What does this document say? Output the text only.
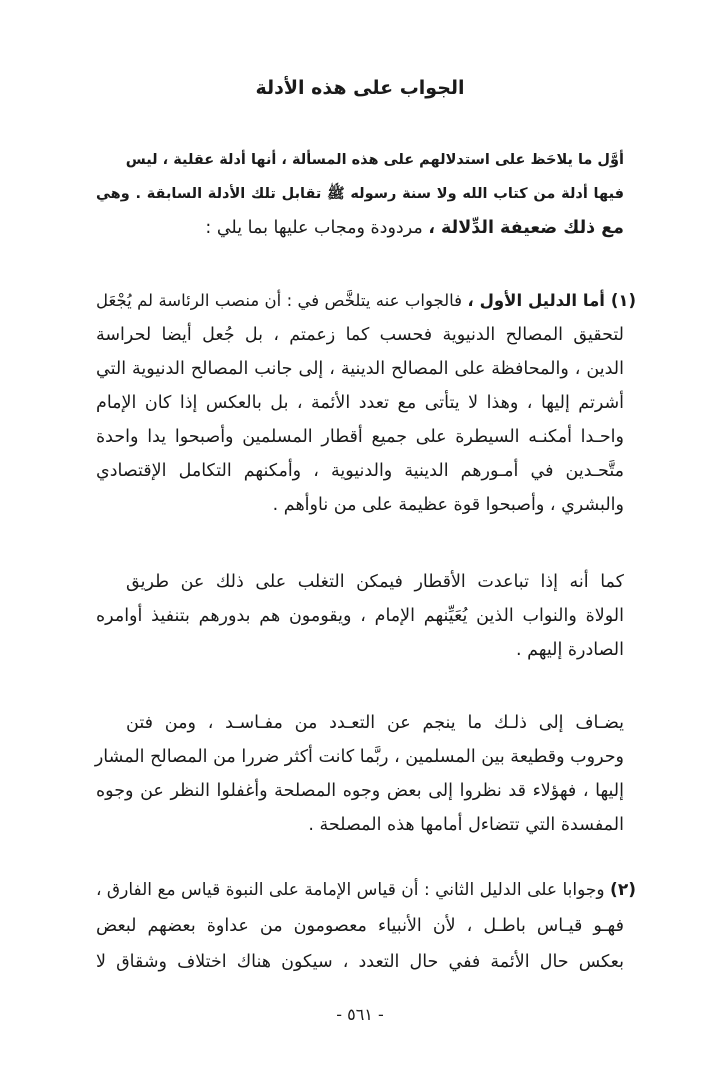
الجواب على هذه الأدلة

أوَّل ما يلاحَظ على استدلالهم على هذه المسألة ، أنها أدلة عقلية ، ليس

فيها أدلة من كتاب الله ولا سنة رسوله ﷺ تقابل تلك الأدلة السابقة . وهي

مع ذلك ضعيفة الدِّلالة ، مردودة ومجاب عليها بما يلي :

(١) أما الدليل الأول ، فالجواب عنه يتلخَّص في : أن منصب الرئاسة لم يُجْعَل

لتحقيق المصالح الدنيوية فحسب كما زعمتم ، بل جُعل أيضا لحراسة

الدين ، والمحافظة على المصالح الدينية ، إلى جانب المصالح الدنيوية التي

أشرتم إليها ، وهذا لا يتأتى مع تعدد الأئمة ، بل بالعكس إذا كان الإمام

واحـدا أمكنـه السيطرة على جميع أقطار المسلمين وأصبحوا يدا واحدة

متَّحـدين في أمـورهم الدينية والدنيوية ، وأمكنهم التكامل الإقتصادي

والبشري ، وأصبحوا قوة عظيمة على من ناوأهم .

كما أنه إذا تباعدت الأقطار فيمكن التغلب على ذلك عن طريق

الولاة والنواب الذين يُعَيِّنهم الإمام ، ويقومون هم بدورهم بتنفيذ أوامره

الصادرة إليهم .

يضـاف إلى ذلـك ما ينجم عن التعـدد من مفـاسـد ، ومن فتن

وحروب وقطيعة بين المسلمين ، ربَّما كانت أكثر ضررا من المصالح المشار

إليها ، فهؤلاء قد نظروا إلى بعض وجوه المصلحة وأغفلوا النظر عن وجوه

المفسدة التي تتضاءل أمامها هذه المصلحة .

(٢) وجوابا على الدليل الثاني : أن قياس الإمامة على النبوة قياس مع الفارق ،

فهـو قيـاس باطـل ، لأن الأنبياء معصومون من عداوة بعضهم لبعض

بعكس حال الأئمة ففي حال التعدد ، سيكون هناك اختلاف وشقاق لا

- ٥٦١ -
